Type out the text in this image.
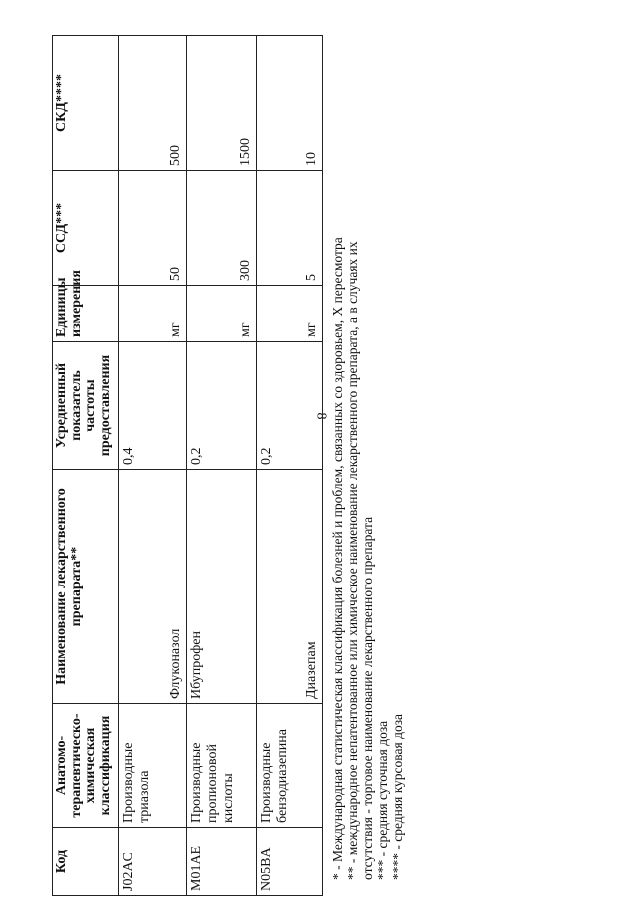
8
Код	Анатомо-терапевтическо-химическая классификация	Наименование лекарственного препарата**	Усредненный показатель частоты предоставления	Единицы измерения	ССД***	СКД****
J02AC	Производные триазола	Флуконазол	0,4	мг	50	500

M01AE	Производные пропионовой кислоты	Ибупрофен	0,2	мг	300	1500

N05BA	Производные бензодиазепина	Диазепам	0,2	мг	5	10

* - Международная статистическая классификация болезней и проблем, связанных со здоровьем, X пересмотра ** - международное непатентованное или химическое наименование лекарственного препарата, а в случаях их отсутствия - торговое наименование лекарственного препарата *** - средняя суточная доза **** - средняя курсовая доза
